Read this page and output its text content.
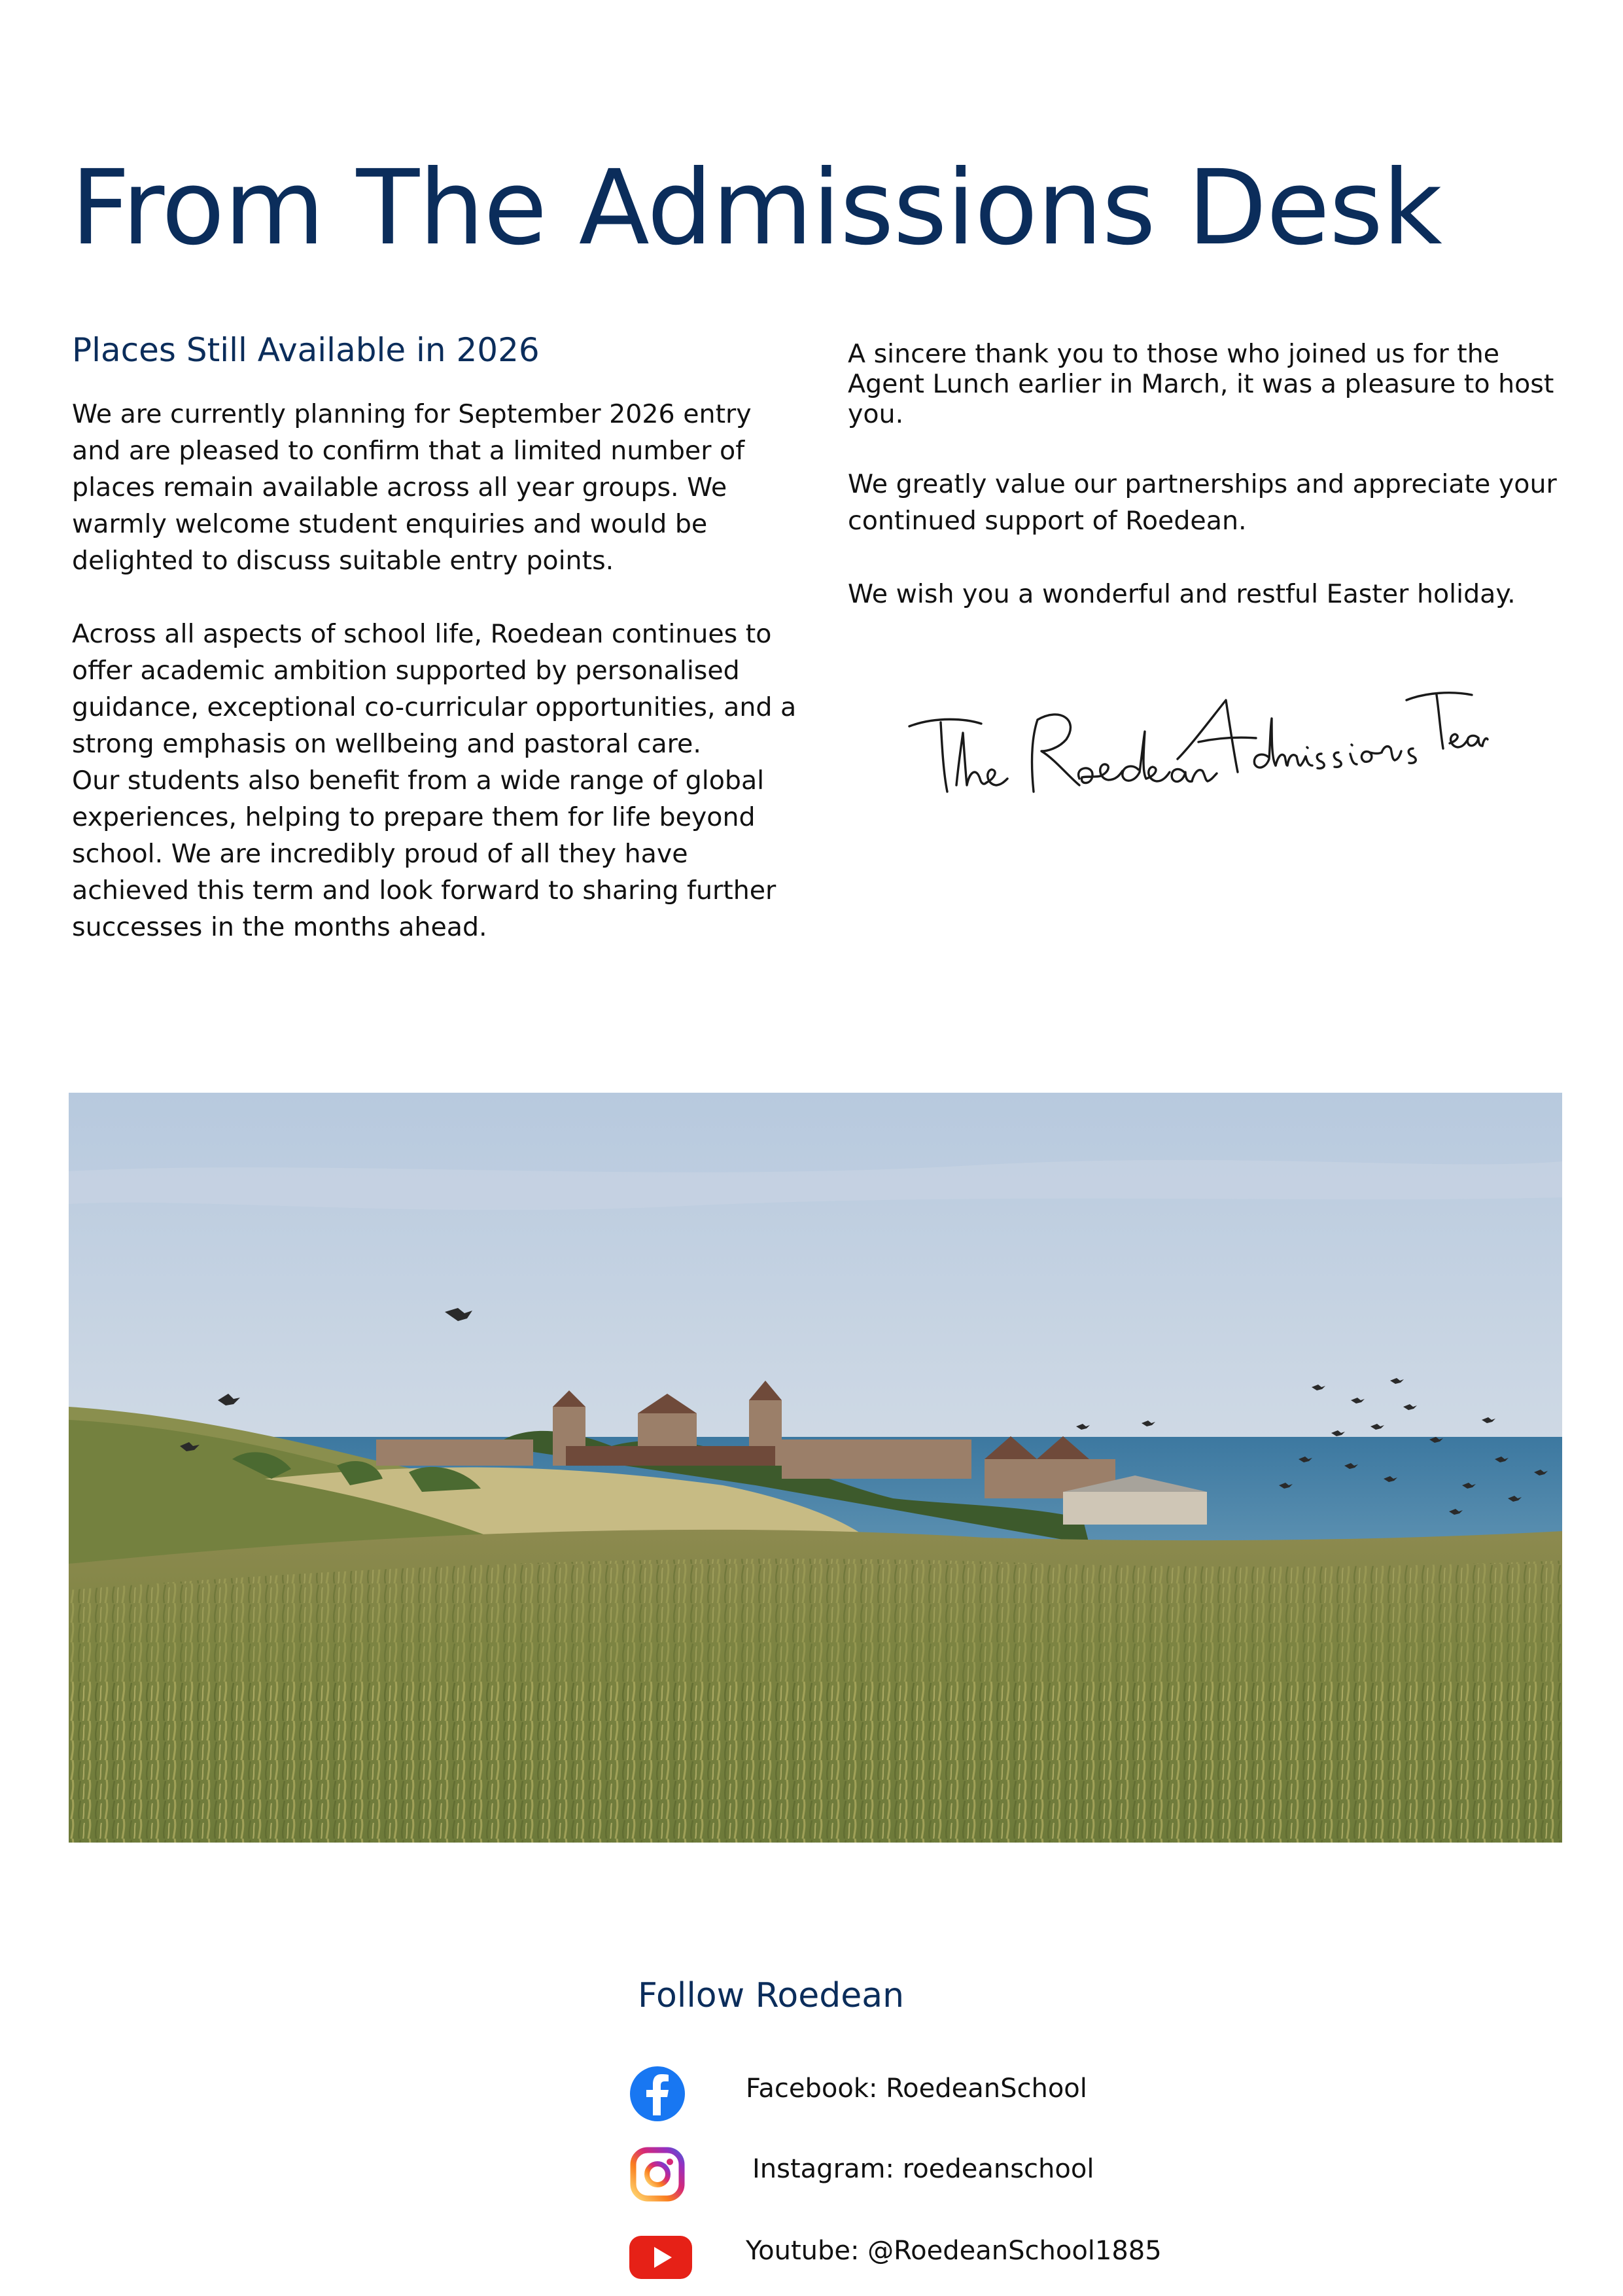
From The Admissions Desk
Places Still Available in 2026

We are currently planning for September 2026 entry
and are pleased to confirm that a limited number of
places remain available across all year groups. We
warmly welcome student enquiries and would be
delighted to discuss suitable entry points.

Across all aspects of school life, Roedean continues to
offer academic ambition supported by personalised
guidance, exceptional co-curricular opportunities, and a
strong emphasis on wellbeing and pastoral care.
Our students also benefit from a wide range of global
experiences, helping to prepare them for life beyond
school. We are incredibly proud of all they have
achieved this term and look forward to sharing further
successes in the months ahead.

A sincere thank you to those who joined us for the
Agent Lunch earlier in March, it was a pleasure to host
you.

We greatly value our partnerships and appreciate your
continued support of Roedean.

We wish you a wonderful and restful Easter holiday.

Follow Roedean
Facebook: RoedeanSchool
Instagram: roedeanschool
Youtube: @RoedeanSchool1885
